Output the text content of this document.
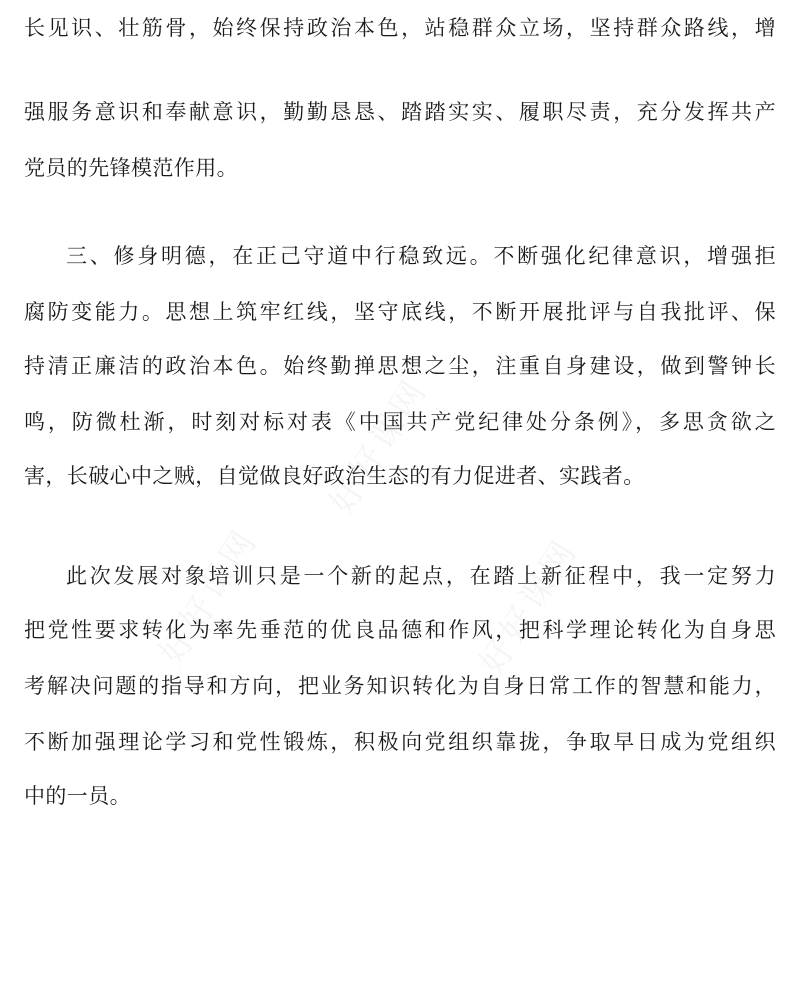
长见识、壮筋骨，始终保持政治本色，站稳群众立场，坚持群众路线，增
强服务意识和奉献意识，勤勤恳恳、踏踏实实、履职尽责，充分发挥共产
党员的先锋模范作用。
三、修身明德，在正己守道中行稳致远。不断强化纪律意识，增强拒
腐防变能力。思想上筑牢红线，坚守底线，不断开展批评与自我批评、保
持清正廉洁的政治本色。始终勤掸思想之尘，注重自身建设，做到警钟长
鸣，防微杜渐，时刻对标对表《中国共产党纪律处分条例》，多思贪欲之
害，长破心中之贼，自觉做良好政治生态的有力促进者、实践者。
此次发展对象培训只是一个新的起点，在踏上新征程中，我一定努力
把党性要求转化为率先垂范的优良品德和作风，把科学理论转化为自身思
考解决问题的指导和方向，把业务知识转化为自身日常工作的智慧和能力，
不断加强理论学习和党性锻炼，积极向党组织靠拢，争取早日成为党组织
中的一员。
